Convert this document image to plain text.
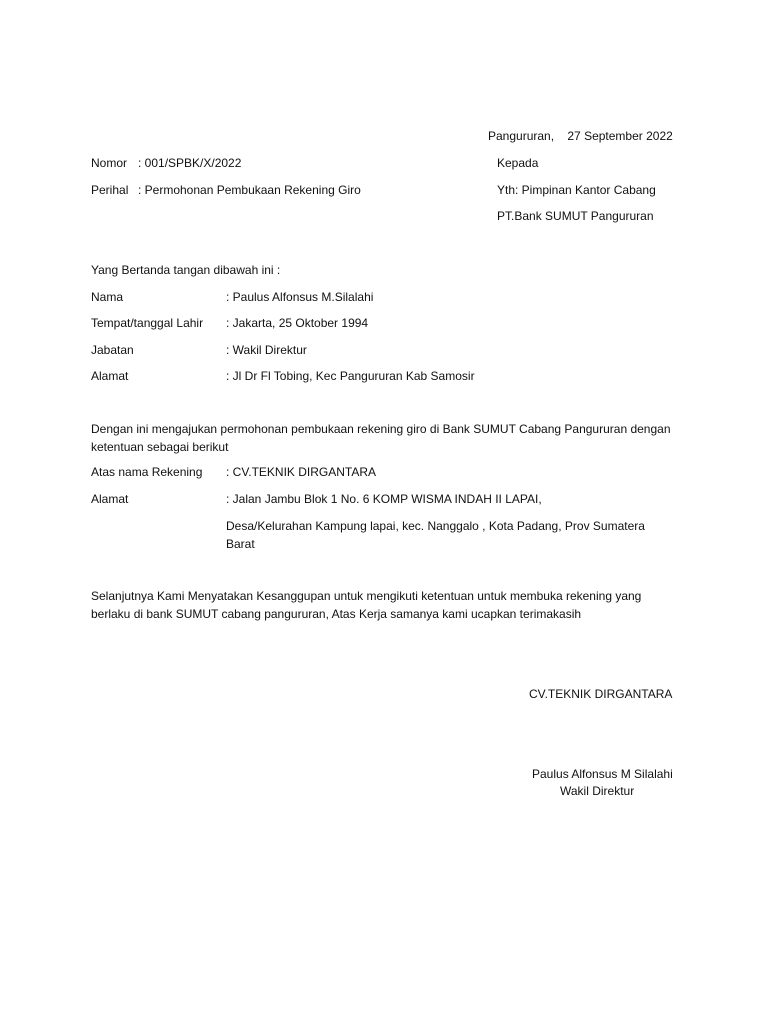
Pangururan,    27 September 2022
Nomor : 001/SPBK/X/2022	Kepada
Perihal : Permohonan Pembukaan Rekening Giro	Yth: Pimpinan Kantor Cabang
PT.Bank SUMUT Pangururan
Yang Bertanda tangan dibawah ini :
Nama	: Paulus Alfonsus M.Silalahi
Tempat/tanggal Lahir : Jakarta, 25 Oktober 1994
Jabatan	: Wakil Direktur
Alamat	: Jl Dr Fl Tobing, Kec Pangururan Kab Samosir
Dengan ini mengajukan permohonan pembukaan rekening giro di Bank SUMUT Cabang Pangururan dengan ketentuan sebagai berikut
Atas nama Rekening : CV.TEKNIK DIRGANTARA
Alamat	: Jalan Jambu Blok 1 No. 6 KOMP WISMA INDAH II LAPAI,
Desa/Kelurahan Kampung lapai, kec. Nanggalo , Kota Padang, Prov Sumatera Barat
Selanjutnya Kami Menyatakan Kesanggupan untuk mengikuti ketentuan untuk membuka rekening yang berlaku di bank SUMUT cabang pangururan, Atas Kerja samanya kami ucapkan terimakasih
CV.TEKNIK DIRGANTARA
Paulus Alfonsus M Silalahi
Wakil Direktur
